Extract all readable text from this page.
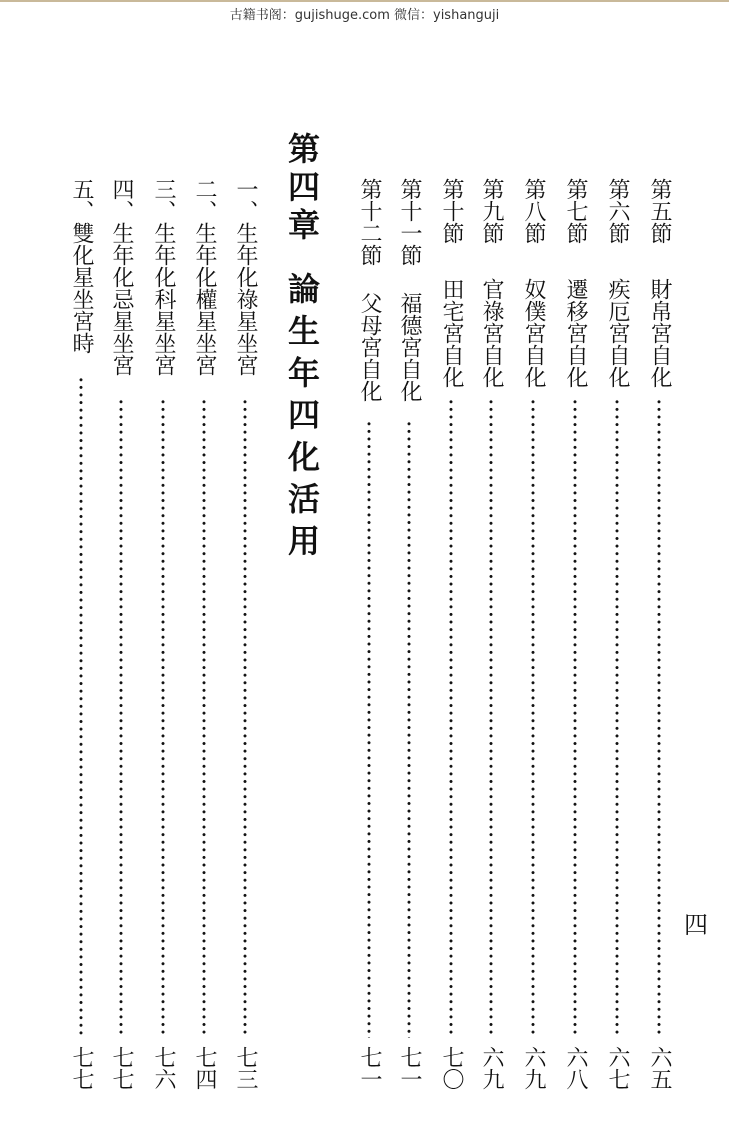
古籍书阁：gujishuge.com 微信：yishanguji
第五節
財帛宮自化
六五
第六節
疾厄宮自化
六七
第七節
遷移宮自化
六八
第八節
奴僕宮自化
六九
第九節
官祿宮自化
六九
第十節
田宅宮自化
七〇
第十一節
福德宮自化
七一
第十二節
父母宮自化
七一
第四章
論生年四化活用
一、生年化祿星坐宮
七三
二、生年化權星坐宮
七四
三、生年化科星坐宮
七六
四、生年化忌星坐宮
七七
五、雙化星坐宮時
七七
四
